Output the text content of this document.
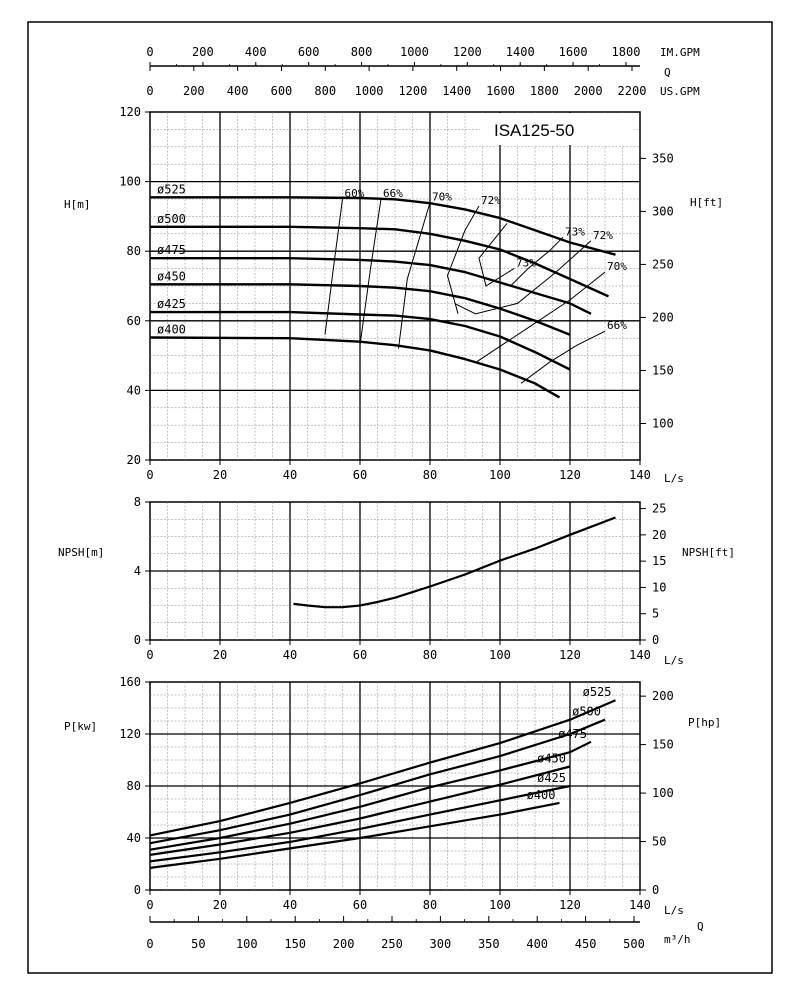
0	200	400	600	800 1000 1200 1400 1600 1800
0 200 400 600 800 1000 1200 1400 1600 1800 2000 2200
IM.GPM
Q
US.GPM
20
40
60
80
100
120
0	20	40	60	80	100	120	140
100
150
200
250
300
350
ø525
ø500
ø475
ø450
ø425
ø400
60% 66%	70%	72%
73%
73% 72%
70%
66%
0
4
8
0	20	40	60	80	100	120	140
0
5
10
15
20
25
0
40
80
120
160
0	20	40	60	80	100	120	140
0
50
100
150
200
ø525
ø500
ø475
ø450
ø425
ø400
ISA125-50
H[m]	H[ft]
NPSH[m]	NPSH[ft]
P[kw]	P[hp]
L/s
L/s
L/s
0	50	100 150 200 250 300 350 400 450 500
Q
m³/h
